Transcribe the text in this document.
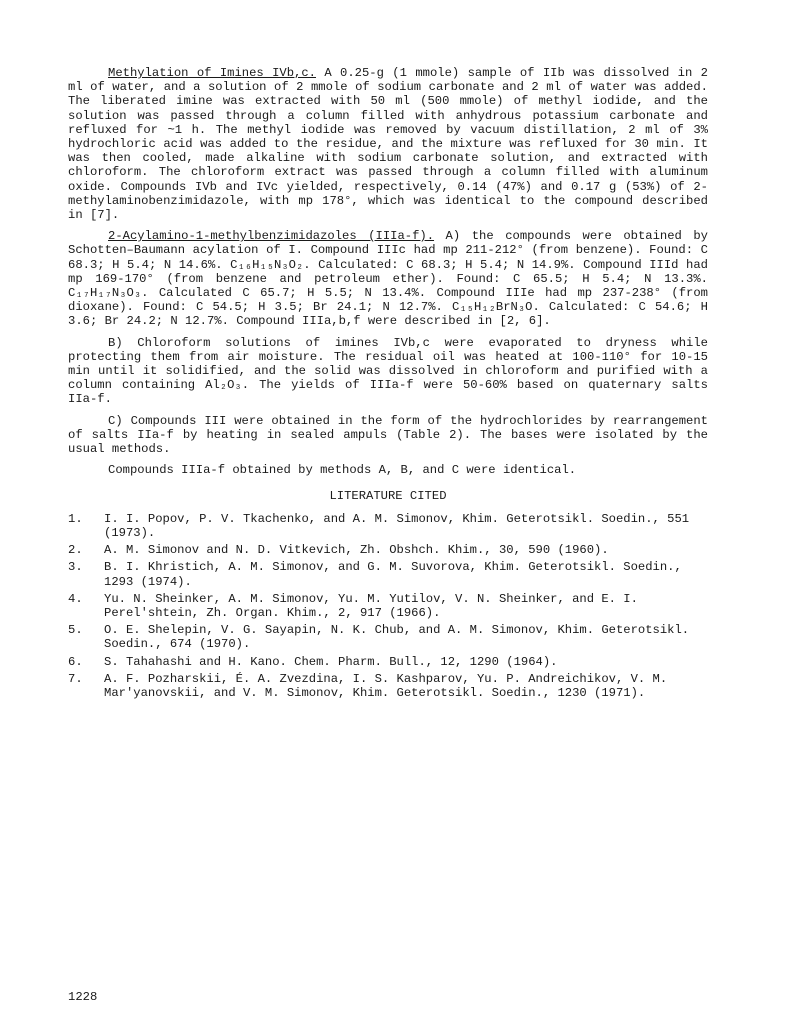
Methylation of Imines IVb,c. A 0.25-g (1 mmole) sample of IIb was dissolved in 2 ml of water, and a solution of 2 mmole of sodium carbonate and 2 ml of water was added. The liberated imine was extracted with 50 ml (500 mmole) of methyl iodide, and the solution was passed through a column filled with anhydrous potassium carbonate and refluxed for ~1 h. The methyl iodide was removed by vacuum distillation, 2 ml of 3% hydrochloric acid was added to the residue, and the mixture was refluxed for 30 min. It was then cooled, made alkaline with sodium carbonate solution, and extracted with chloroform. The chloroform extract was passed through a column filled with aluminum oxide. Compounds IVb and IVc yielded, respectively, 0.14 (47%) and 0.17 g (53%) of 2-methylaminobenzimidazole, with mp 178°, which was identical to the compound described in [7].

2-Acylamino-1-methylbenzimidazoles (IIIa-f). A) the compounds were obtained by Schotten–Baumann acylation of I. Compound IIIc had mp 211-212° (from benzene). Found: C 68.3; H 5.4; N 14.6%. C₁₆H₁₅N₃O₂. Calculated: C 68.3; H 5.4; N 14.9%. Compound IIId had mp 169-170° (from benzene and petroleum ether). Found: C 65.5; H 5.4; N 13.3%. C₁₇H₁₇N₃O₃. Calculated C 65.7; H 5.5; N 13.4%. Compound IIIe had mp 237-238° (from dioxane). Found: C 54.5; H 3.5; Br 24.1; N 12.7%. C₁₅H₁₂BrN₃O. Calculated: C 54.6; H 3.6; Br 24.2; N 12.7%. Compound IIIa,b,f were described in [2, 6].

B) Chloroform solutions of imines IVb,c were evaporated to dryness while protecting them from air moisture. The residual oil was heated at 100-110° for 10-15 min until it solidified, and the solid was dissolved in chloroform and purified with a column containing Al₂O₃. The yields of IIIa-f were 50-60% based on quaternary salts IIa-f.

C) Compounds III were obtained in the form of the hydrochlorides by rearrangement of salts IIa-f by heating in sealed ampuls (Table 2). The bases were isolated by the usual methods.

Compounds IIIa-f obtained by methods A, B, and C were identical.

LITERATURE CITED
1. I. I. Popov, P. V. Tkachenko, and A. M. Simonov, Khim. Geterotsikl. Soedin., 551 (1973).
2. A. M. Simonov and N. D. Vitkevich, Zh. Obshch. Khim., 30, 590 (1960).
3. B. I. Khristich, A. M. Simonov, and G. M. Suvorova, Khim. Geterotsikl. Soedin., 1293 (1974).
4. Yu. N. Sheinker, A. M. Simonov, Yu. M. Yutilov, V. N. Sheinker, and E. I. Perel'shtein, Zh. Organ. Khim., 2, 917 (1966).
5. O. E. Shelepin, V. G. Sayapin, N. K. Chub, and A. M. Simonov, Khim. Geterotsikl. Soedin., 674 (1970).
6. S. Tahahashi and H. Kano. Chem. Pharm. Bull., 12, 1290 (1964).
7. A. F. Pozharskii, É. A. Zvezdina, I. S. Kashparov, Yu. P. Andreichikov, V. M. Mar'yanovskii, and V. M. Simonov, Khim. Geterotsikl. Soedin., 1230 (1971).
1228
